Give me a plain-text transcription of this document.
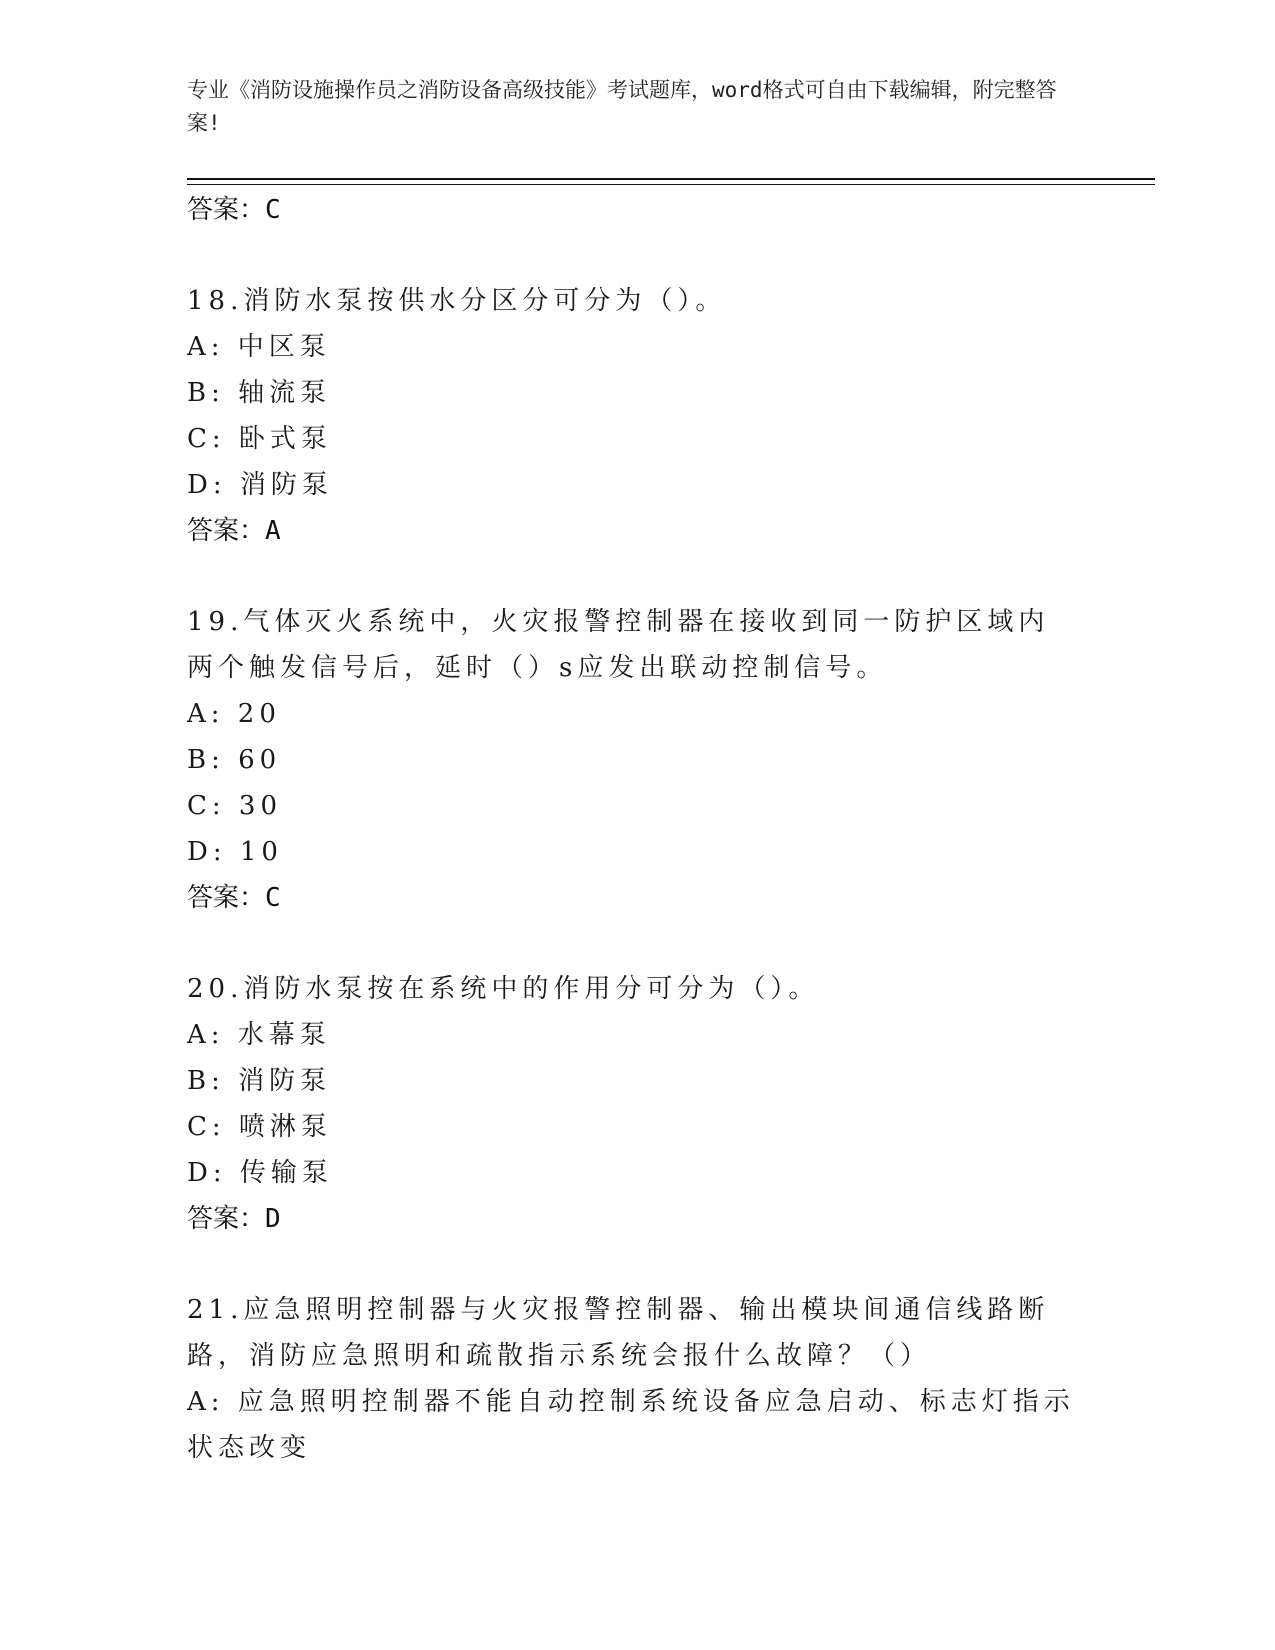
专业《消防设施操作员之消防设备高级技能》考试题库，word格式可自由下载编辑，附完整答案!
答案：C
18.消防水泵按供水分区分可分为（）。
A: 中区泵
B: 轴流泵
C: 卧式泵
D: 消防泵
答案：A
19.气体灭火系统中，火灾报警控制器在接收到同一防护区域内两个触发信号后，延时（）s应发出联动控制信号。
A: 20
B: 60
C: 30
D: 10
答案：C
20.消防水泵按在系统中的作用分可分为（）。
A: 水幕泵
B: 消防泵
C: 喷淋泵
D: 传输泵
答案：D
21.应急照明控制器与火灾报警控制器、输出模块间通信线路断路，消防应急照明和疏散指示系统会报什么故障？（）
A: 应急照明控制器不能自动控制系统设备应急启动、标志灯指示状态改变
